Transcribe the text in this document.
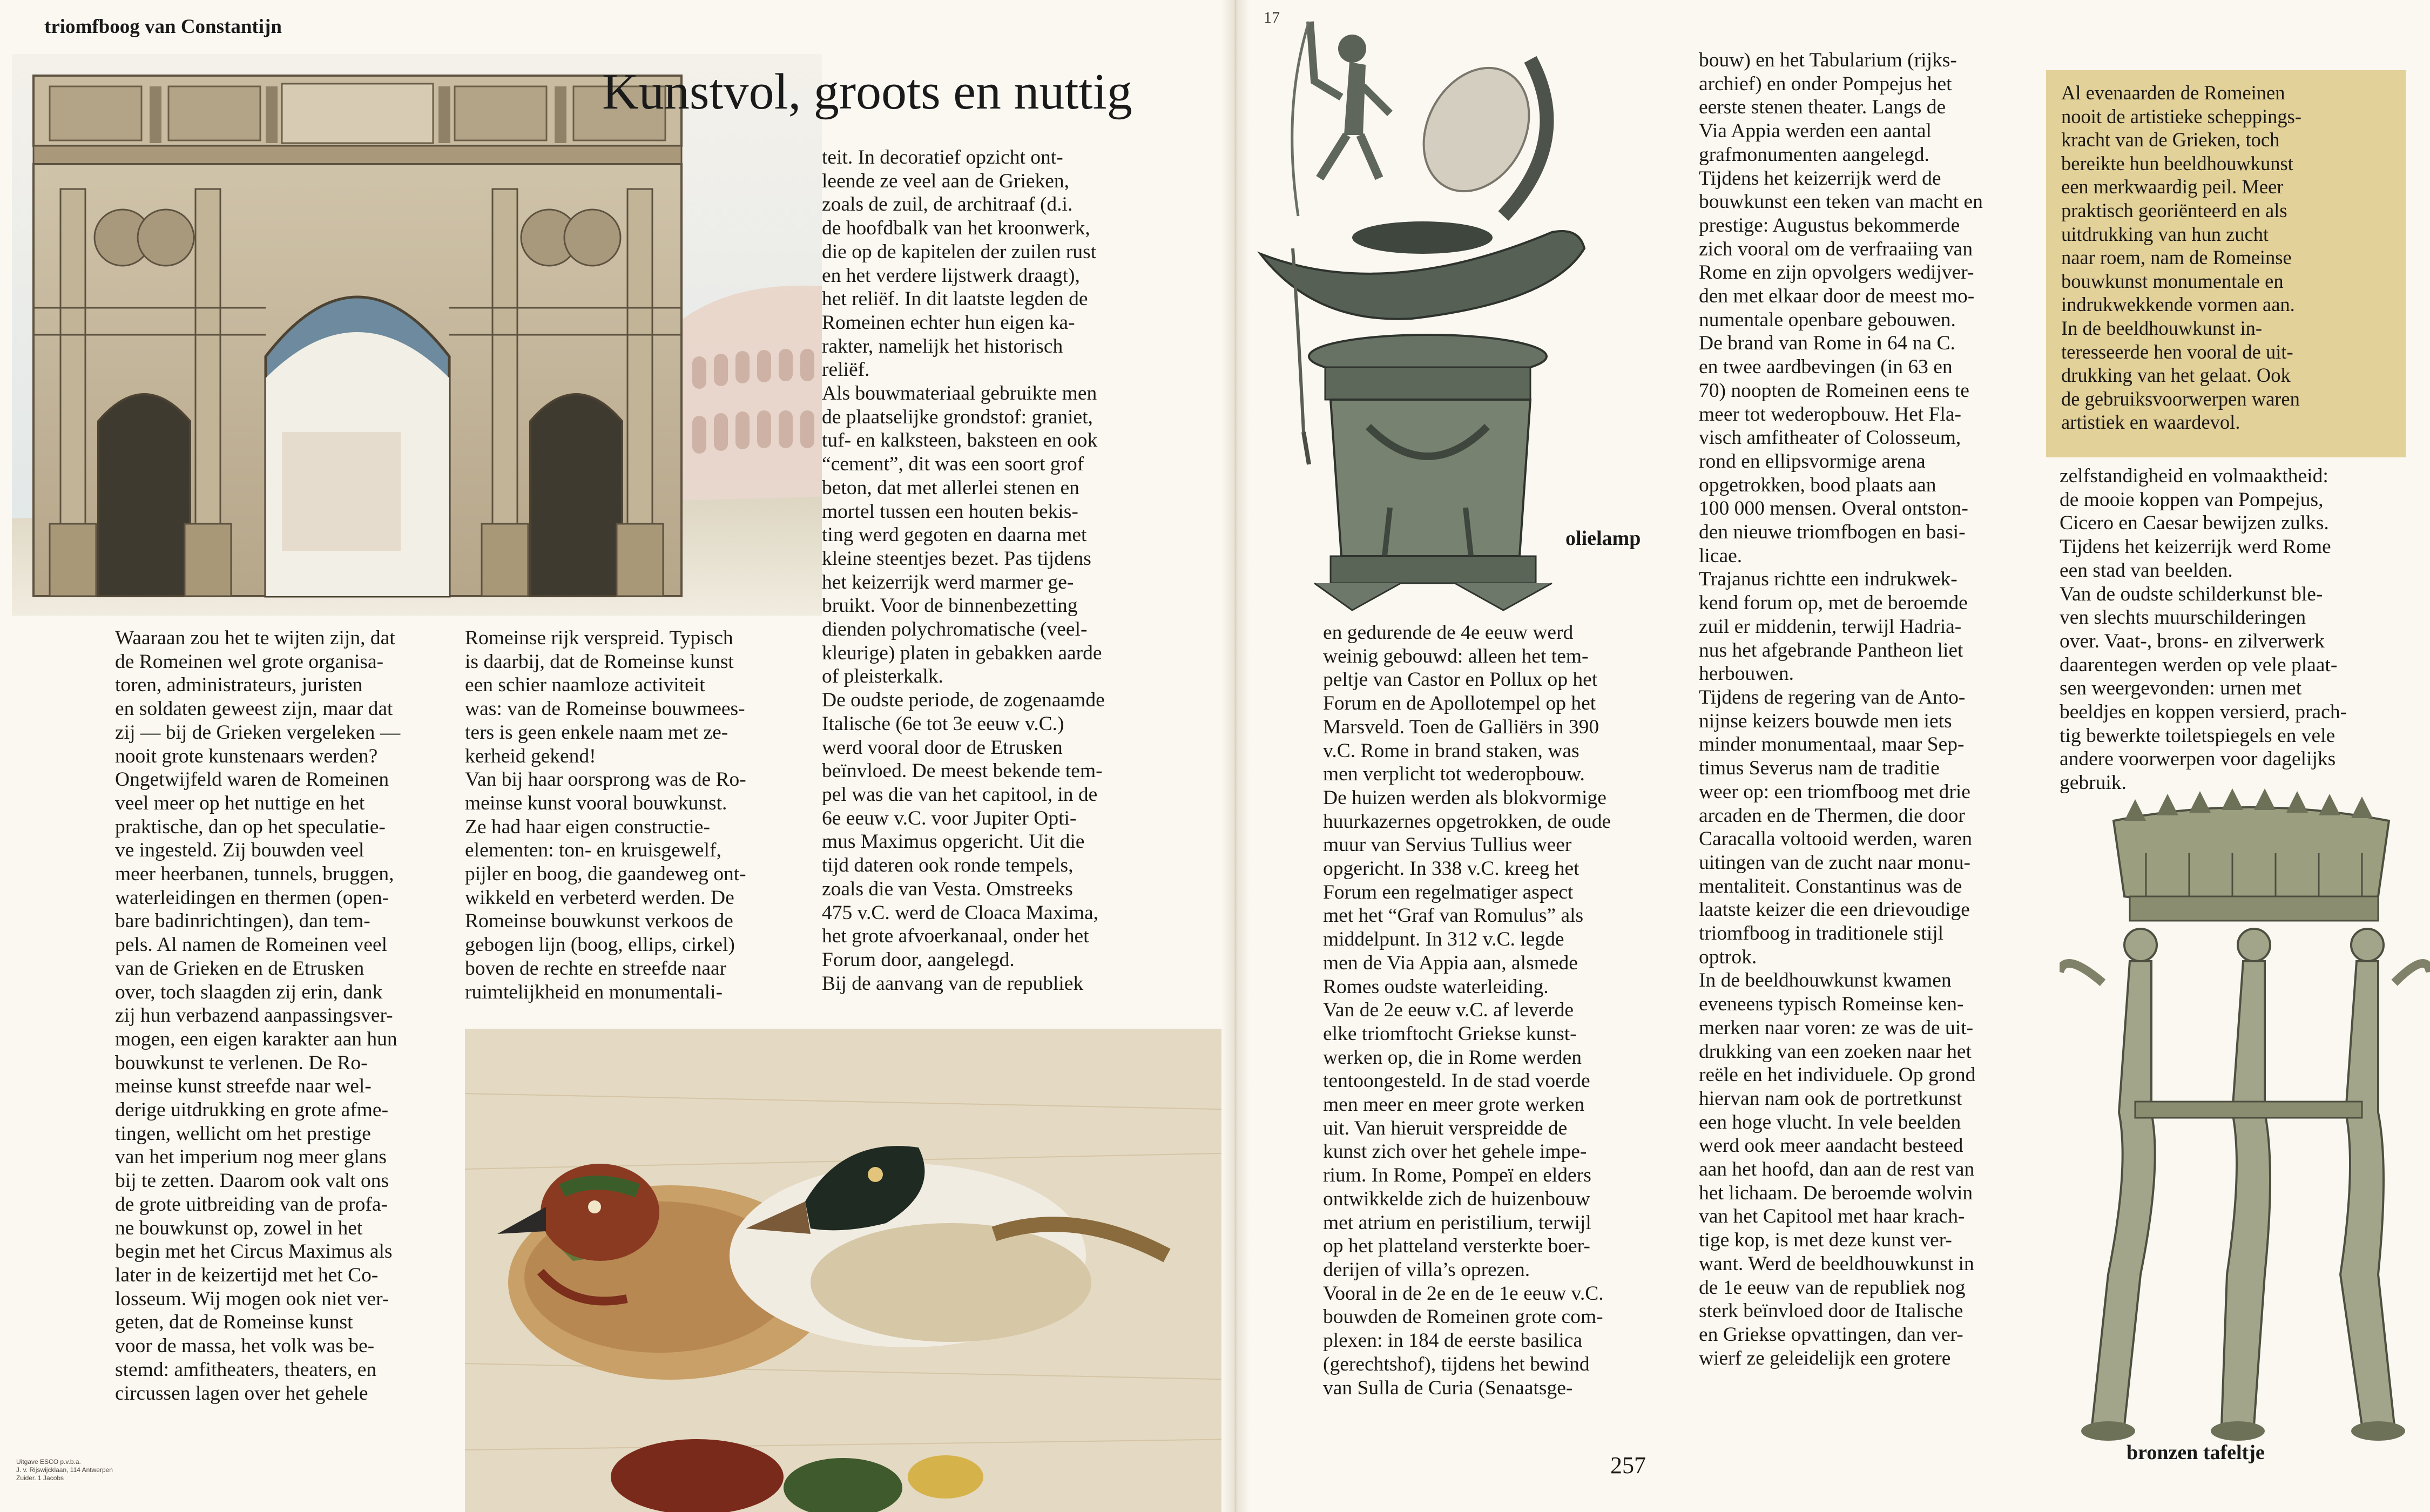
triomfboog van Constantijn
Kunstvol, groots en nuttig
Waaraan zou het te wijten zijn, dat
de Romeinen wel grote organisa-
toren, administrateurs, juristen
en soldaten geweest zijn, maar dat
zij — bij de Grieken vergeleken —
nooit grote kunstenaars werden?
Ongetwijfeld waren de Romeinen
veel meer op het nuttige en het
praktische, dan op het speculatie-
ve ingesteld. Zij bouwden veel
meer heerbanen, tunnels, bruggen,
waterleidingen en thermen (open-
bare badinrichtingen), dan tem-
pels. Al namen de Romeinen veel
van de Grieken en de Etrusken
over, toch slaagden zij erin, dank
zij hun verbazend aanpassingsver-
mogen, een eigen karakter aan hun
bouwkunst te verlenen. De Ro-
meinse kunst streefde naar wel-
derige uitdrukking en grote afme-
tingen, wellicht om het prestige
van het imperium nog meer glans
bij te zetten. Daarom ook valt ons
de grote uitbreiding van de profa-
ne bouwkunst op, zowel in het
begin met het Circus Maximus als
later in de keizertijd met het Co-
losseum. Wij mogen ook niet ver-
geten, dat de Romeinse kunst
voor de massa, het volk was be-
stemd: amfitheaters, theaters, en
circussen lagen over het gehele
Romeinse rijk verspreid. Typisch
is daarbij, dat de Romeinse kunst
een schier naamloze activiteit
was: van de Romeinse bouwmees-
ters is geen enkele naam met ze-
kerheid gekend!
Van bij haar oorsprong was de Ro-
meinse kunst vooral bouwkunst.
Ze had haar eigen constructie-
elementen: ton- en kruisgewelf,
pijler en boog, die gaandeweg ont-
wikkeld en verbeterd werden. De
Romeinse bouwkunst verkoos de
gebogen lijn (boog, ellips, cirkel)
boven de rechte en streefde naar
ruimtelijkheid en monumentali-
teit. In decoratief opzicht ont-
leende ze veel aan de Grieken,
zoals de zuil, de architraaf (d.i.
de hoofdbalk van het kroonwerk,
die op de kapitelen der zuilen rust
en het verdere lijstwerk draagt),
het reliëf. In dit laatste legden de
Romeinen echter hun eigen ka-
rakter, namelijk het historisch
reliëf.
Als bouwmateriaal gebruikte men
de plaatselijke grondstof: graniet,
tuf- en kalksteen, baksteen en ook
“cement”, dit was een soort grof
beton, dat met allerlei stenen en
mortel tussen een houten bekis-
ting werd gegoten en daarna met
kleine steentjes bezet. Pas tijdens
het keizerrijk werd marmer ge-
bruikt. Voor de binnenbezetting
dienden polychromatische (veel-
kleurige) platen in gebakken aarde
of pleisterkalk.
De oudste periode, de zogenaamde
Italische (6e tot 3e eeuw v.C.)
werd vooral door de Etrusken
beïnvloed. De meest bekende tem-
pel was die van het capitool, in de
6e eeuw v.C. voor Jupiter Opti-
mus Maximus opgericht. Uit die
tijd dateren ook ronde tempels,
zoals die van Vesta. Omstreeks
475 v.C. werd de Cloaca Maxima,
het grote afvoerkanaal, onder het
Forum door, aangelegd.
Bij de aanvang van de republiek
Uitgave ESCO p.v.b.a.
J. v. Rijswijcklaan, 114 Antwerpen
Zuider. 1 Jacobs
17
olielamp
bouw) en het Tabularium (rijks-
archief) en onder Pompejus het
eerste stenen theater. Langs de
Via Appia werden een aantal
grafmonumenten aangelegd.
Tijdens het keizerrijk werd de
bouwkunst een teken van macht en
prestige: Augustus bekommerde
zich vooral om de verfraaiing van
Rome en zijn opvolgers wedijver-
den met elkaar door de meest mo-
numentale openbare gebouwen.
De brand van Rome in 64 na C.
en twee aardbevingen (in 63 en
70) noopten de Romeinen eens te
meer tot wederopbouw. Het Fla-
visch amfitheater of Colosseum,
rond en ellipsvormige arena
opgetrokken, bood plaats aan
100 000 mensen. Overal ontston-
den nieuwe triomfbogen en basi-
licae.
Trajanus richtte een indrukwek-
kend forum op, met de beroemde
zuil er middenin, terwijl Hadria-
nus het afgebrande Pantheon liet
herbouwen.
Tijdens de regering van de Anto-
nijnse keizers bouwde men iets
minder monumentaal, maar Sep-
timus Severus nam de traditie
weer op: een triomfboog met drie
arcaden en de Thermen, die door
Caracalla voltooid werden, waren
uitingen van de zucht naar monu-
mentaliteit. Constantinus was de
laatste keizer die een drievoudige
triomfboog in traditionele stijl
optrok.
In de beeldhouwkunst kwamen
eveneens typisch Romeinse ken-
merken naar voren: ze was de uit-
drukking van een zoeken naar het
reële en het individuele. Op grond
hiervan nam ook de portretkunst
een hoge vlucht. In vele beelden
werd ook meer aandacht besteed
aan het hoofd, dan aan de rest van
het lichaam. De beroemde wolvin
van het Capitool met haar krach-
tige kop, is met deze kunst ver-
want. Werd de beeldhouwkunst in
de 1e eeuw van de republiek nog
sterk beïnvloed door de Italische
en Griekse opvattingen, dan ver-
wierf ze geleidelijk een grotere
en gedurende de 4e eeuw werd
weinig gebouwd: alleen het tem-
peltje van Castor en Pollux op het
Forum en de Apollotempel op het
Marsveld. Toen de Galliërs in 390
v.C. Rome in brand staken, was
men verplicht tot wederopbouw.
De huizen werden als blokvormige
huurkazernes opgetrokken, de oude
muur van Servius Tullius weer
opgericht. In 338 v.C. kreeg het
Forum een regelmatiger aspect
met het “Graf van Romulus” als
middelpunt. In 312 v.C. legde
men de Via Appia aan, alsmede
Romes oudste waterleiding.
Van de 2e eeuw v.C. af leverde
elke triomftocht Griekse kunst-
werken op, die in Rome werden
tentoongesteld. In de stad voerde
men meer en meer grote werken
uit. Van hieruit verspreidde de
kunst zich over het gehele impe-
rium. In Rome, Pompeï en elders
ontwikkelde zich de huizenbouw
met atrium en peristilium, terwijl
op het platteland versterkte boer-
derijen of villa’s oprezen.
Vooral in de 2e en de 1e eeuw v.C.
bouwden de Romeinen grote com-
plexen: in 184 de eerste basilica
(gerechtshof), tijdens het bewind
van Sulla de Curia (Senaatsge-
Al evenaarden de Romeinen
nooit de artistieke scheppings-
kracht van de Grieken, toch
bereikte hun beeldhouwkunst
een merkwaardig peil. Meer
praktisch georiënteerd en als
uitdrukking van hun zucht
naar roem, nam de Romeinse
bouwkunst monumentale en
indrukwekkende vormen aan.
In de beeldhouwkunst in-
teresseerde hen vooral de uit-
drukking van het gelaat. Ook
de gebruiksvoorwerpen waren
artistiek en waardevol.
zelfstandigheid en volmaaktheid:
de mooie koppen van Pompejus,
Cicero en Caesar bewijzen zulks.
Tijdens het keizerrijk werd Rome
een stad van beelden.
Van de oudste schilderkunst ble-
ven slechts muurschilderingen
over. Vaat-, brons- en zilverwerk
daarentegen werden op vele plaat-
sen weergevonden: urnen met
beeldjes en koppen versierd, prach-
tig bewerkte toiletspiegels en vele
andere voorwerpen voor dagelijks
gebruik.
bronzen tafeltje
257
